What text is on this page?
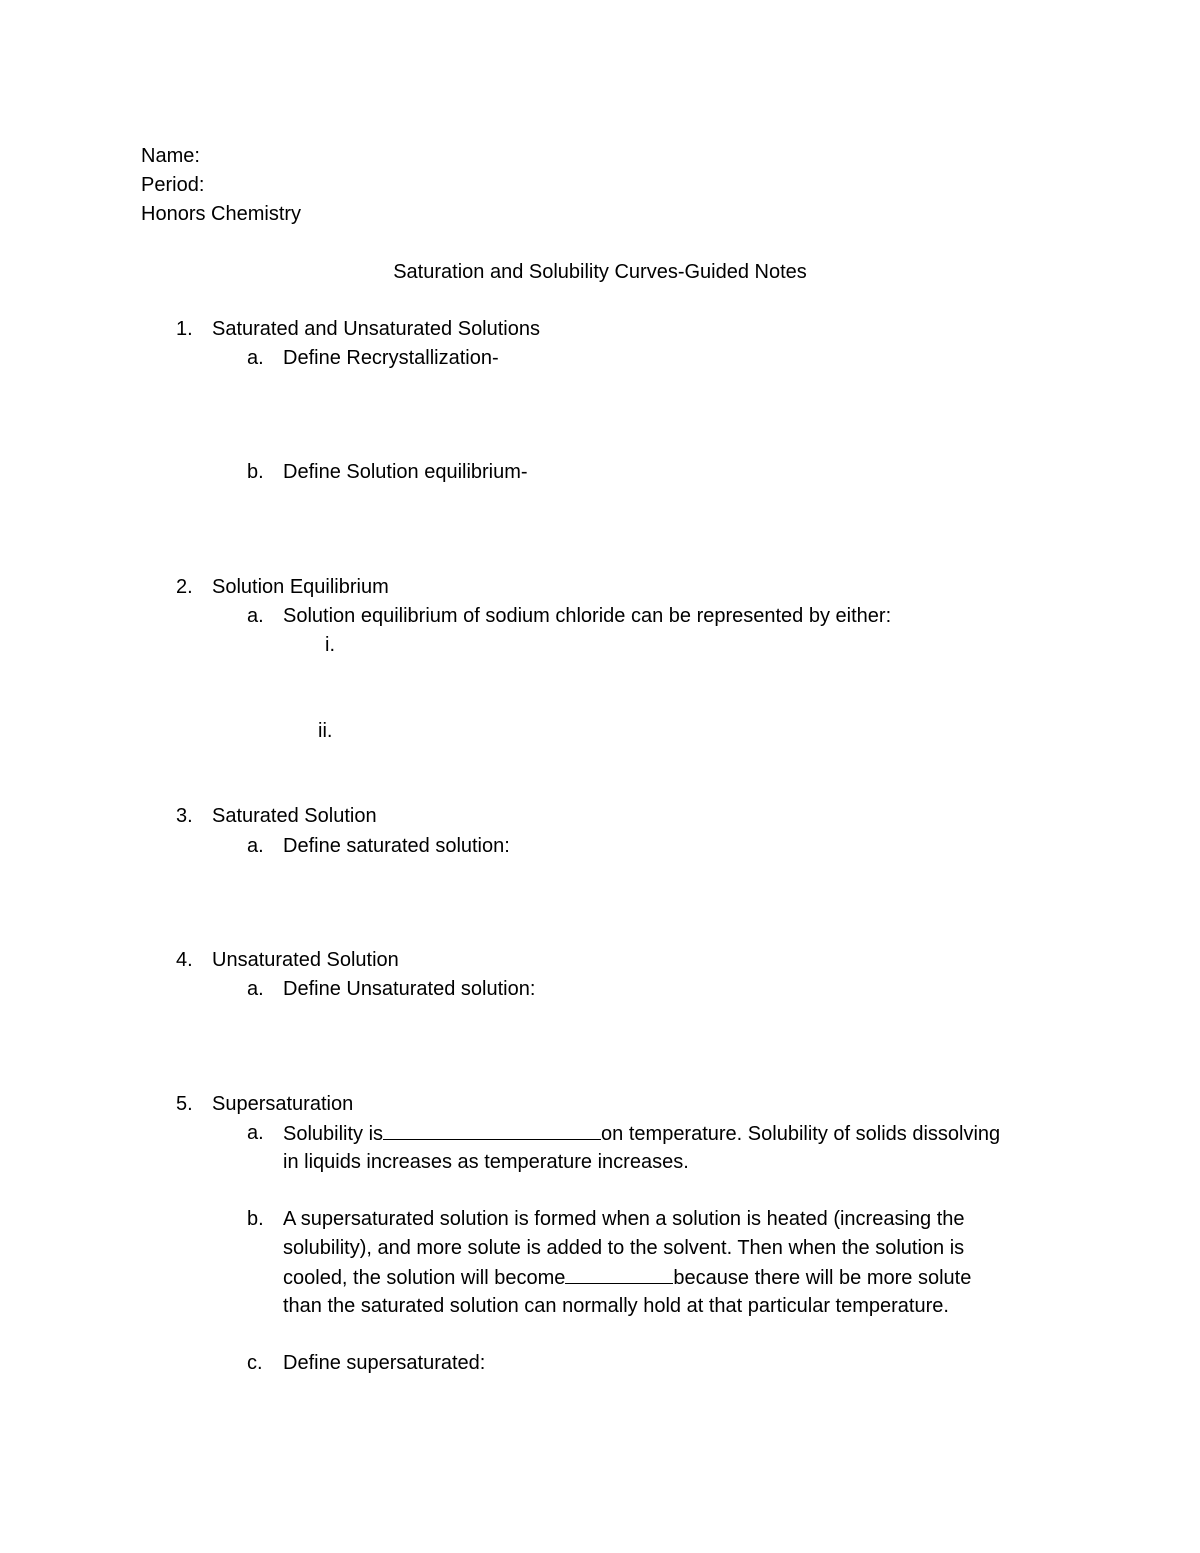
Name:
Period:
Honors Chemistry
Saturation and Solubility Curves-Guided Notes
1. Saturated and Unsaturated Solutions
a. Define Recrystallization-
b. Define Solution equilibrium-
2. Solution Equilibrium
a. Solution equilibrium of sodium chloride can be represented by either:
i.
ii.
3. Saturated Solution
a. Define saturated solution:
4. Unsaturated Solution
a. Define Unsaturated solution:
5. Supersaturation
a. Solubility is	on temperature. Solubility of solids dissolving
in liquids increases as temperature increases.
b. A supersaturated solution is formed when a solution is heated (increasing the
solubility), and more solute is added to the solvent. Then when the solution is
cooled, the solution will become	because there will be more solute
than the saturated solution can normally hold at that particular temperature.
c. Define supersaturated:
